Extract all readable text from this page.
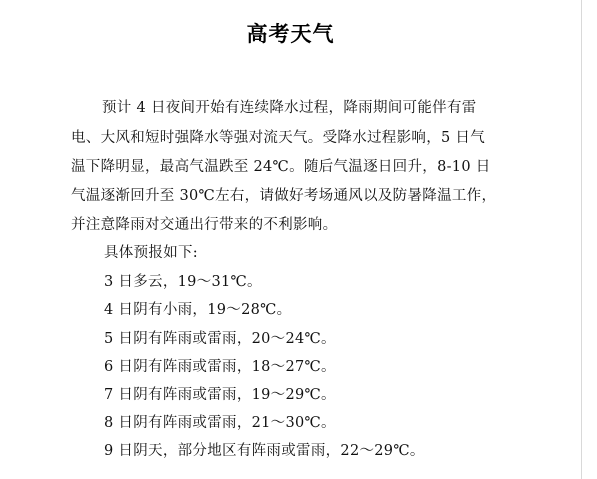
高考天气
预计 4 日夜间开始有连续降水过程，降雨期间可能伴有雷
电、大风和短时强降水等强对流天气。受降水过程影响，5 日气
温下降明显，最高气温跌至 24℃。随后气温逐日回升，8-10 日
气温逐渐回升至 30℃左右，请做好考场通风以及防暑降温工作，
并注意降雨对交通出行带来的不利影响。
具体预报如下:
3 日多云，19～31℃。
4 日阴有小雨，19～28℃。
5 日阴有阵雨或雷雨，20～24℃。
6 日阴有阵雨或雷雨，18～27℃。
7 日阴有阵雨或雷雨，19～29℃。
8 日阴有阵雨或雷雨，21～30℃。
9 日阴天，部分地区有阵雨或雷雨，22～29℃。
